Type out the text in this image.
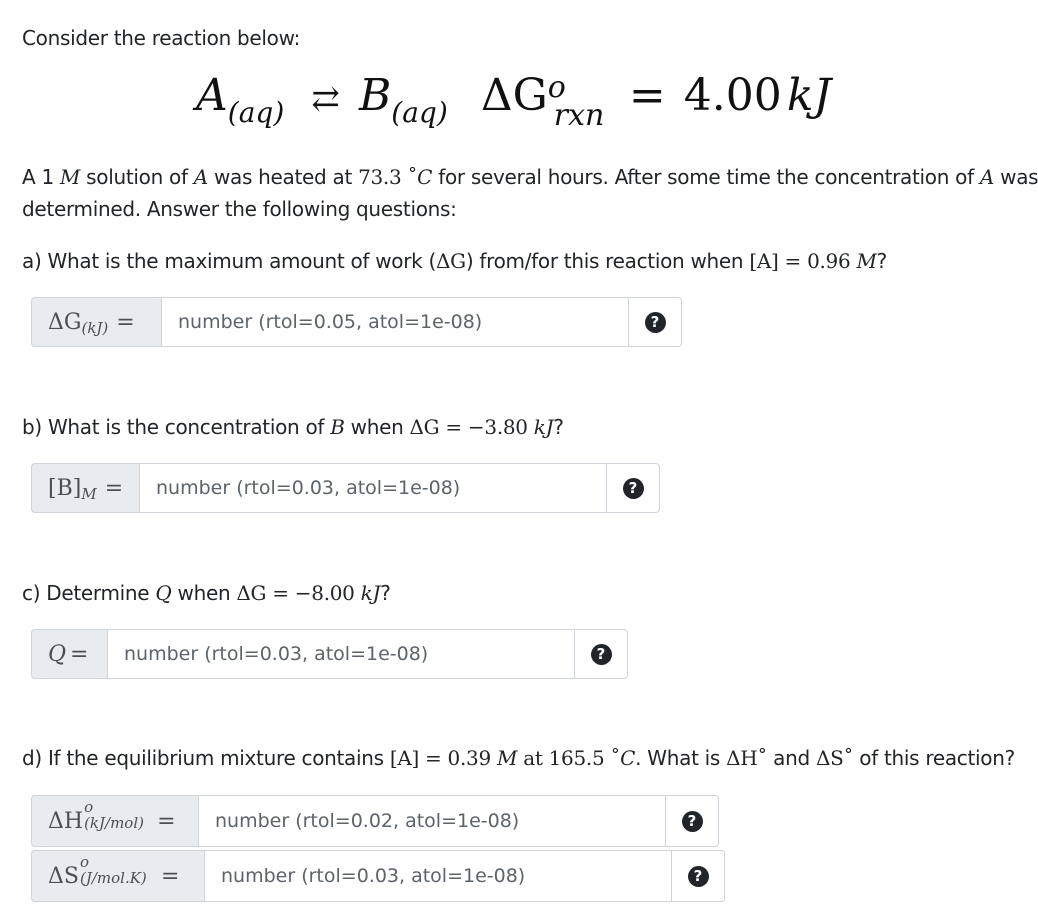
Consider the reaction below:
A(aq) ⇄ B(aq) ΔG o
rxn = 4.00 kJ
A 1 M solution of A was heated at 73.3 ˚C for several hours. After some time the concentration of A was
determined. Answer the following questions:
a) What is the maximum amount of work (ΔG) from/for this reaction when [A] = 0.96 M?
ΔG (kJ) =
number (rtol=0.05, atol=1e-08)	?
b) What is the concentration of B when ΔG = −3.80 kJ?
[B] M =
number (rtol=0.03, atol=1e-08)	?
c) Determine Q when ΔG = −8.00 kJ?
Q =
number (rtol=0.03, atol=1e-08)	?
d) If the equilibrium mixture contains [A] = 0.39 M at 165.5 ˚C. What is ΔH˚ and ΔS˚ of this reaction?
ΔH
o
(kJ/mol) =
number (rtol=0.02, atol=1e-08)	?
ΔS
o
(J/mol.K) =
number (rtol=0.03, atol=1e-08)	?
